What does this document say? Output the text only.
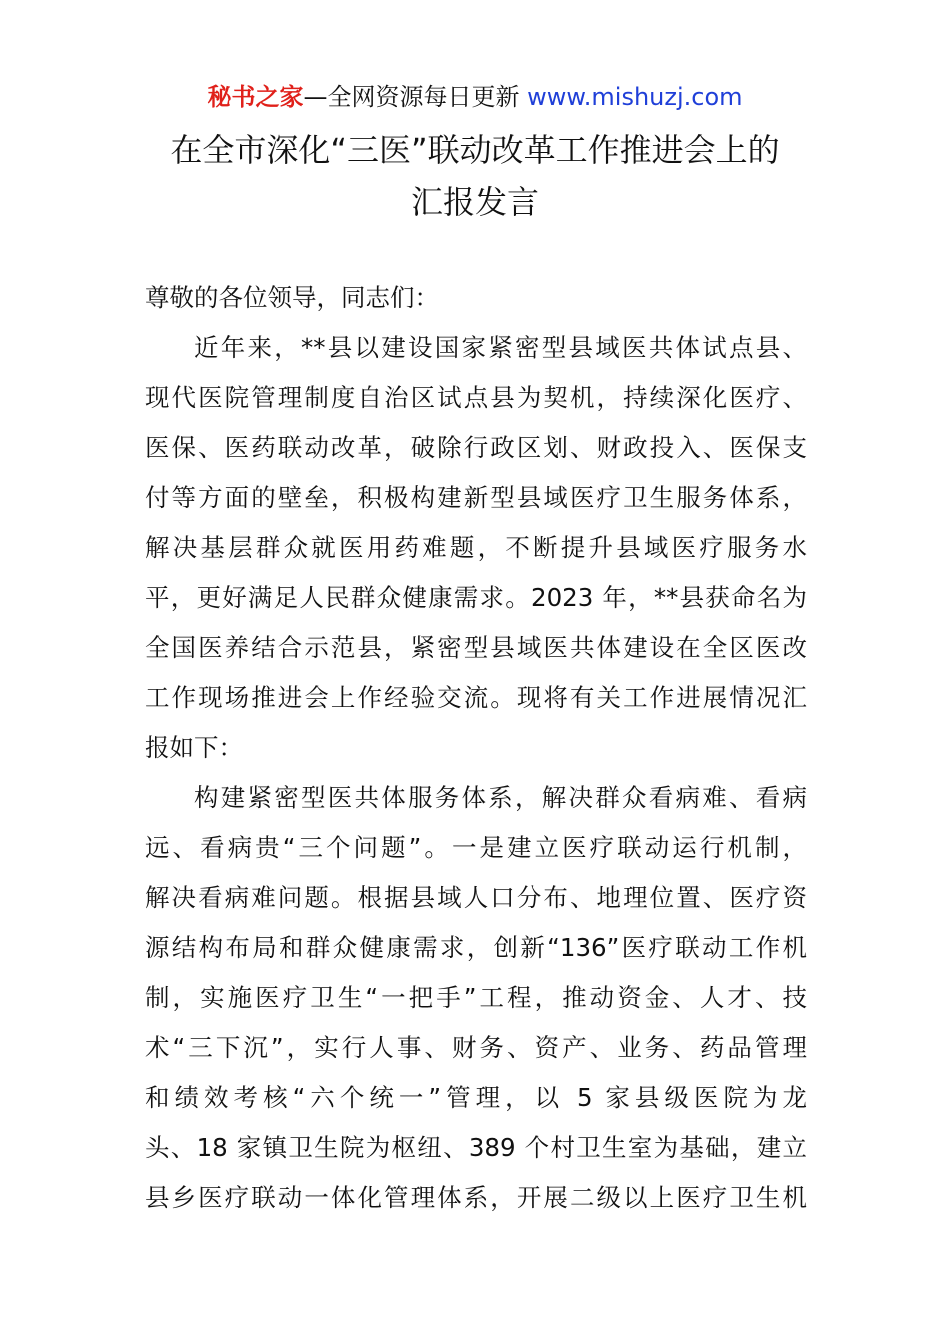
秘书之家—全网资源每日更新 www.mishuzj.com
在全市深化“三医”联动改革工作推进会上的
汇报发言
尊敬的各位领导，同志们：
近年来，**县以建设国家紧密型县域医共体试点县、
现代医院管理制度自治区试点县为契机，持续深化医疗、
医保、医药联动改革，破除行政区划、财政投入、医保支
付等方面的壁垒，积极构建新型县域医疗卫生服务体系，
解决基层群众就医用药难题，不断提升县域医疗服务水
平，更好满足人民群众健康需求。2023 年，**县获命名为
全国医养结合示范县，紧密型县域医共体建设在全区医改
工作现场推进会上作经验交流。现将有关工作进展情况汇
报如下：
构建紧密型医共体服务体系，解决群众看病难、看病
远、看病贵“三个问题”。一是建立医疗联动运行机制，
解决看病难问题。根据县域人口分布、地理位置、医疗资
源结构布局和群众健康需求，创新“136”医疗联动工作机
制，实施医疗卫生“一把手”工程，推动资金、人才、技
术“三下沉”，实行人事、财务、资产、业务、药品管理
和绩效考核“六个统一”管理，以 5 家县级医院为龙
头、18 家镇卫生院为枢纽、389 个村卫生室为基础，建立
县乡医疗联动一体化管理体系，开展二级以上医疗卫生机
